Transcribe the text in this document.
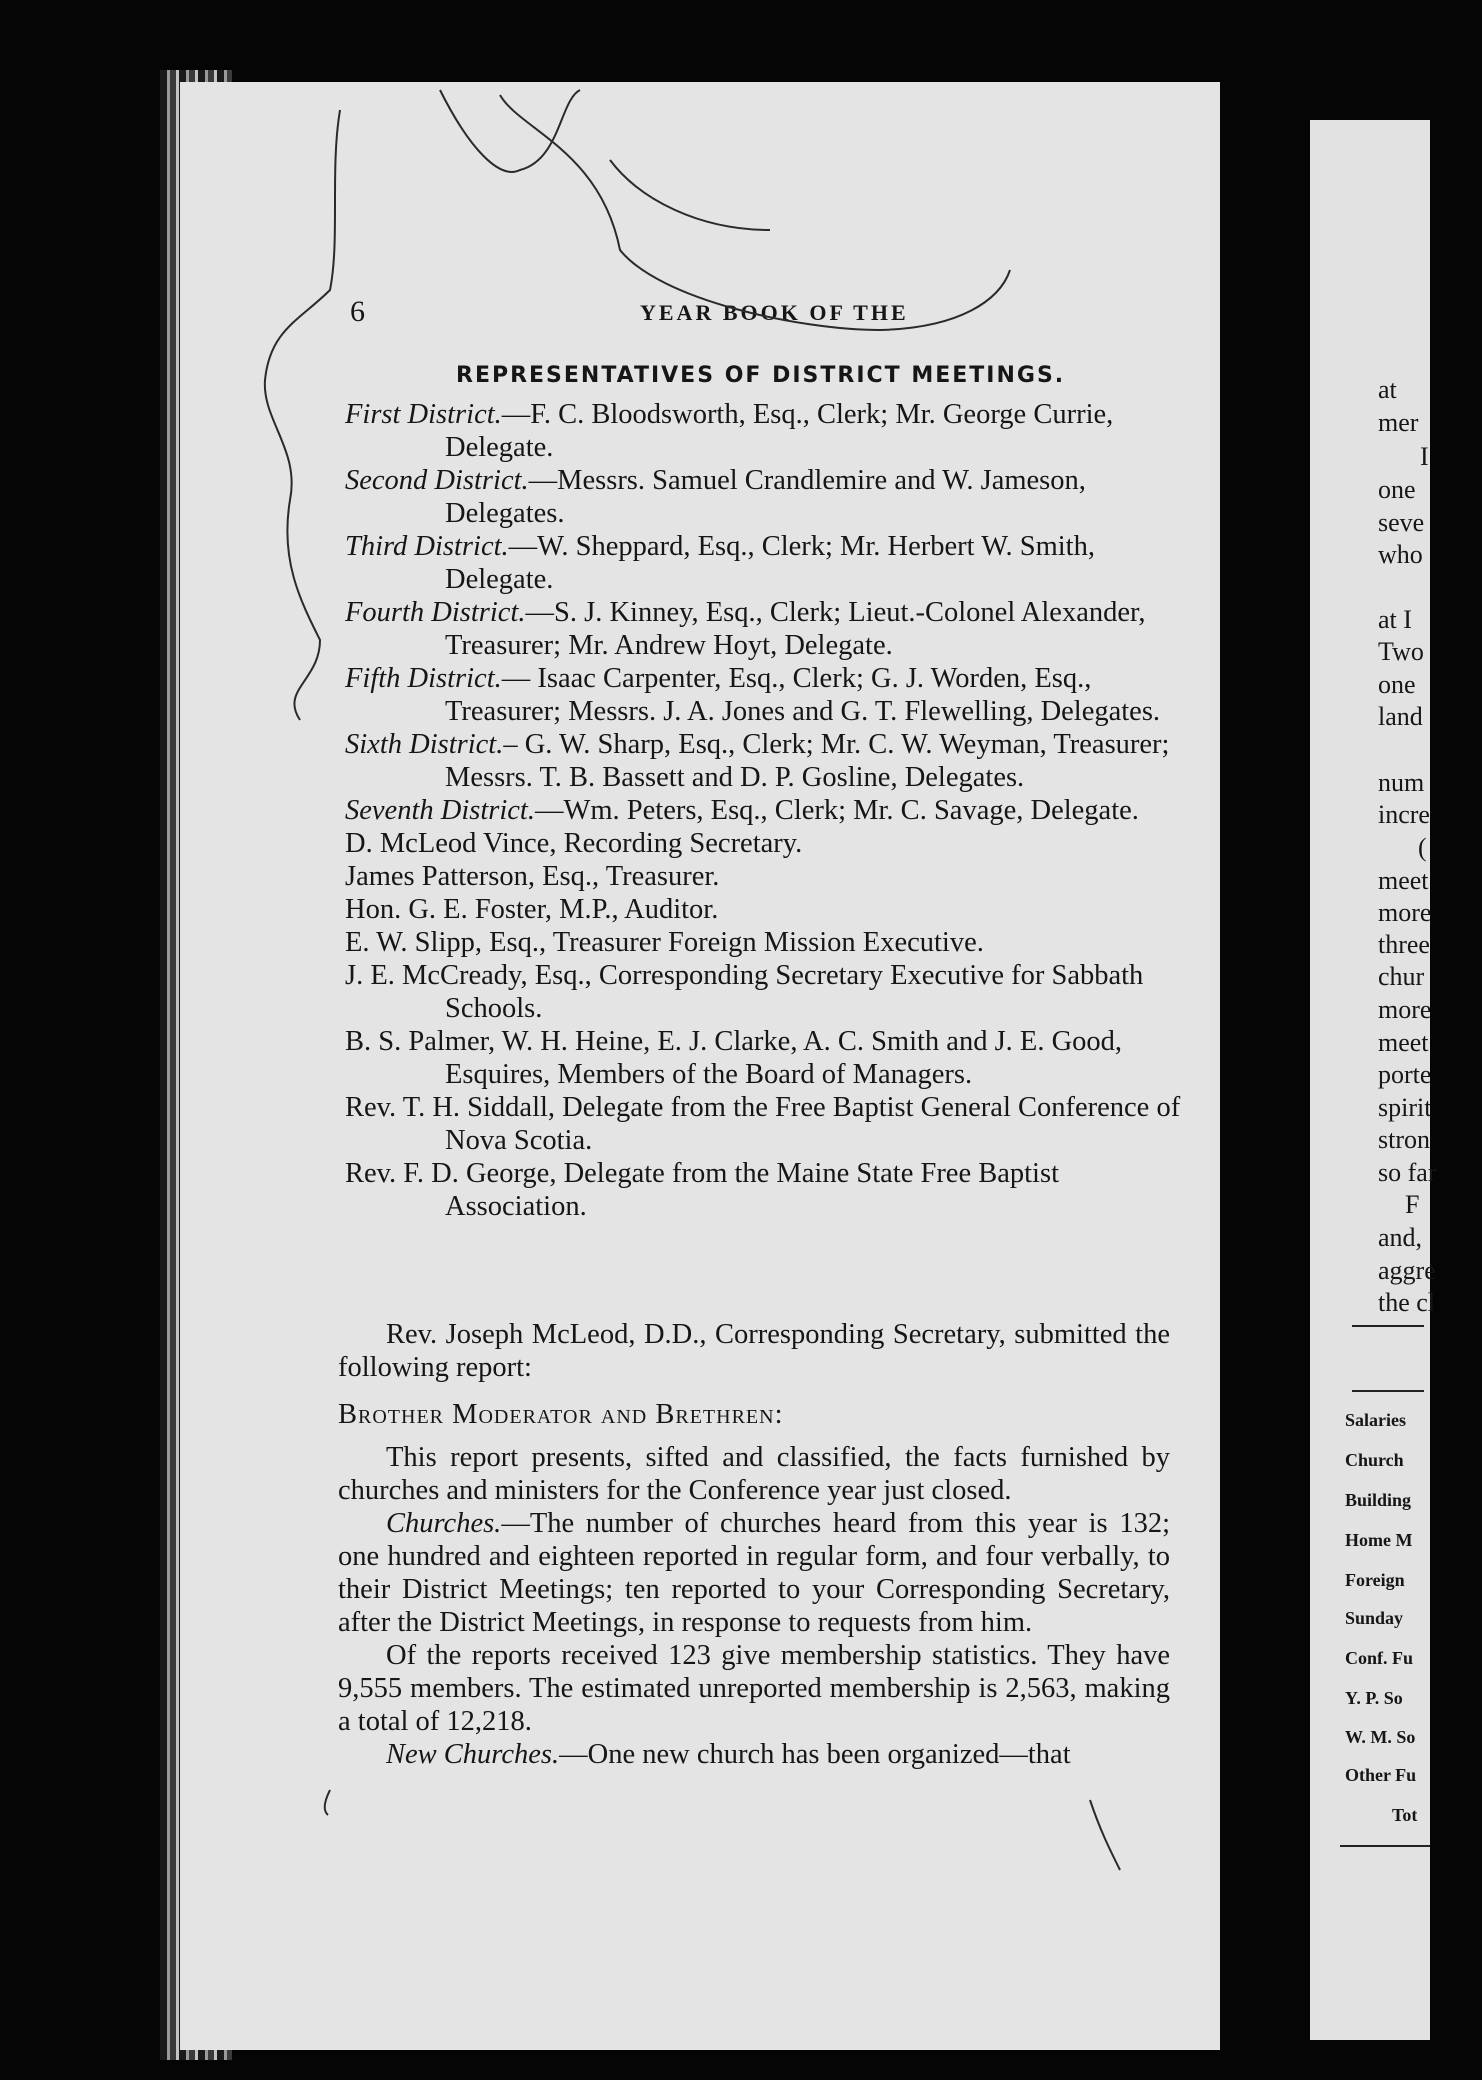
6	YEAR BOOK OF THE
REPRESENTATIVES OF DISTRICT MEETINGS.
First District.—F. C. Bloodsworth, Esq., Clerk; Mr. George Currie, Delegate.
Second District.—Messrs. Samuel Crandlemire and W. Jameson, Delegates.
Third District.—W. Sheppard, Esq., Clerk; Mr. Herbert W. Smith, Delegate.
Fourth District.—S. J. Kinney, Esq., Clerk; Lieut.-Colonel Alexander, Treasurer; Mr. Andrew Hoyt, Delegate.
Fifth District.— Isaac Carpenter, Esq., Clerk; G. J. Worden, Esq., Treasurer; Messrs. J. A. Jones and G. T. Flewelling, Delegates.
Sixth District.– G. W. Sharp, Esq., Clerk; Mr. C. W. Weyman, Treasurer; Messrs. T. B. Bassett and D. P. Gosline, Delegates.
Seventh District.—Wm. Peters, Esq., Clerk; Mr. C. Savage, Delegate.
D. McLeod Vince, Recording Secretary.
James Patterson, Esq., Treasurer.
Hon. G. E. Foster, M.P., Auditor.
E. W. Slipp, Esq., Treasurer Foreign Mission Executive.
J. E. McCready, Esq., Corresponding Secretary Executive for Sabbath Schools.
B. S. Palmer, W. H. Heine, E. J. Clarke, A. C. Smith and J. E. Good, Esquires, Members of the Board of Managers.
Rev. T. H. Siddall, Delegate from the Free Baptist General Conference of Nova Scotia.
Rev. F. D. George, Delegate from the Maine State Free Baptist Association.

Rev. Joseph McLeod, D.D., Corresponding Secretary, submitted the following report:

Brother Moderator and Brethren:

This report presents, sifted and classified, the facts furnished by churches and ministers for the Conference year just closed.

Churches.—The number of churches heard from this year is 132; one hundred and eighteen reported in regular form, and four verbally, to their District Meetings; ten reported to your Corresponding Secretary, after the District Meetings, in response to requests from him.

Of the reports received 123 give membership statistics. They have 9,555 members. The estimated unreported membership is 2,563, making a total of 12,218.

New Churches.—One new church has been organized—that

at
mer
I
one
seve
who
at I
Two
one
land
num
incre
(
meet
more
three
chur
more
meet
porte
spirit
stron
so far
F
and,
aggre
the cl
Salaries
Church
Building
Home M
Foreign
Sunday
Conf. Fu
Y. P. So
W. M. So
Other Fu
Tot
